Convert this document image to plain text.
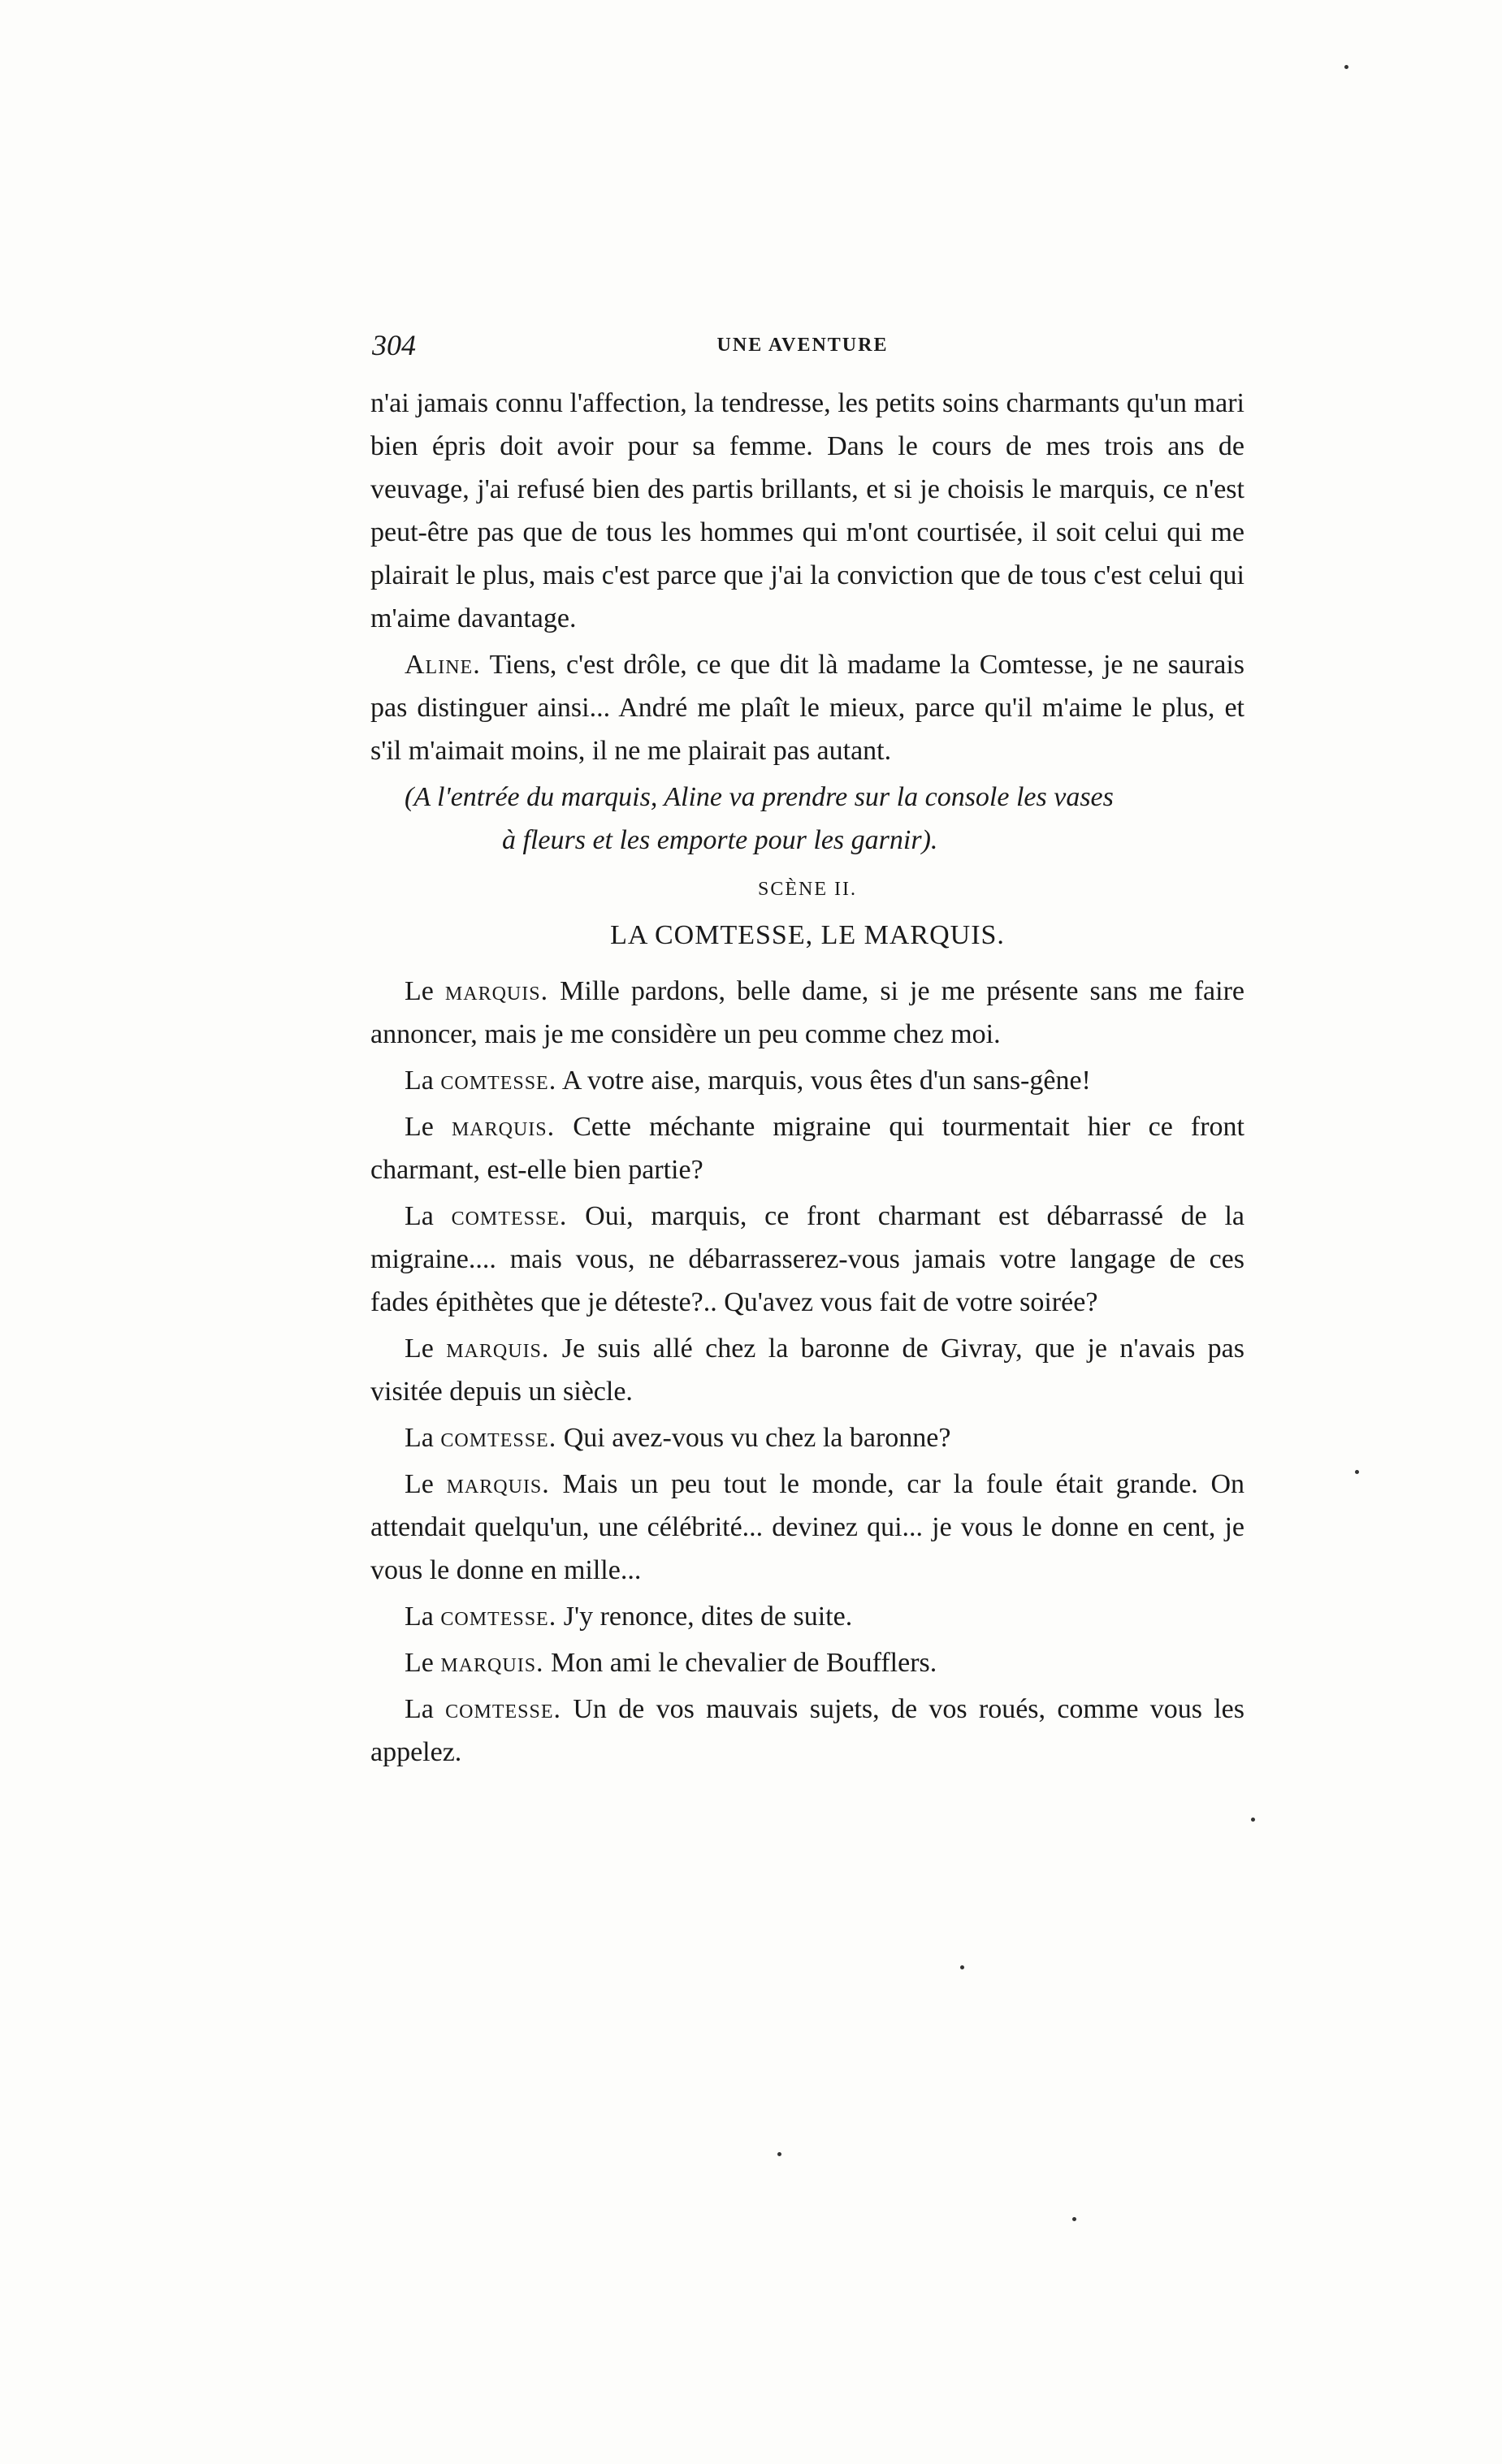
304	UNE AVENTURE

n'ai jamais connu l'affection, la tendresse, les petits soins charmants qu'un mari bien épris doit avoir pour sa femme. Dans le cours de mes trois ans de veuvage, j'ai refusé bien des partis brillants, et si je choisis le marquis, ce n'est peut-être pas que de tous les hommes qui m'ont courtisée, il soit celui qui me plairait le plus, mais c'est parce que j'ai la conviction que de tous c'est celui qui m'aime davantage.

Aline. Tiens, c'est drôle, ce que dit là madame la Comtesse, je ne saurais pas distinguer ainsi... André me plaît le mieux, parce qu'il m'aime le plus, et s'il m'aimait moins, il ne me plairait pas autant.

(A l'entrée du marquis, Aline va prendre sur la console les vases
à fleurs et les emporte pour les garnir).

SCÈNE II.
LA COMTESSE, LE MARQUIS.

Le marquis. Mille pardons, belle dame, si je me présente sans me faire annoncer, mais je me considère un peu comme chez moi.

La comtesse. A votre aise, marquis, vous êtes d'un sans-gêne!

Le marquis. Cette méchante migraine qui tourmentait hier ce front charmant, est-elle bien partie?

La comtesse. Oui, marquis, ce front charmant est débarrassé de la migraine.... mais vous, ne débarrasserez-vous jamais votre langage de ces fades épithètes que je déteste?.. Qu'avez vous fait de votre soirée?

Le marquis. Je suis allé chez la baronne de Givray, que je n'avais pas visitée depuis un siècle.

La comtesse. Qui avez-vous vu chez la baronne?

Le marquis. Mais un peu tout le monde, car la foule était grande. On attendait quelqu'un, une célébrité... devinez qui... je vous le donne en cent, je vous le donne en mille...

La comtesse. J'y renonce, dites de suite.

Le marquis. Mon ami le chevalier de Boufflers.

La comtesse. Un de vos mauvais sujets, de vos roués, comme vous les appelez.
